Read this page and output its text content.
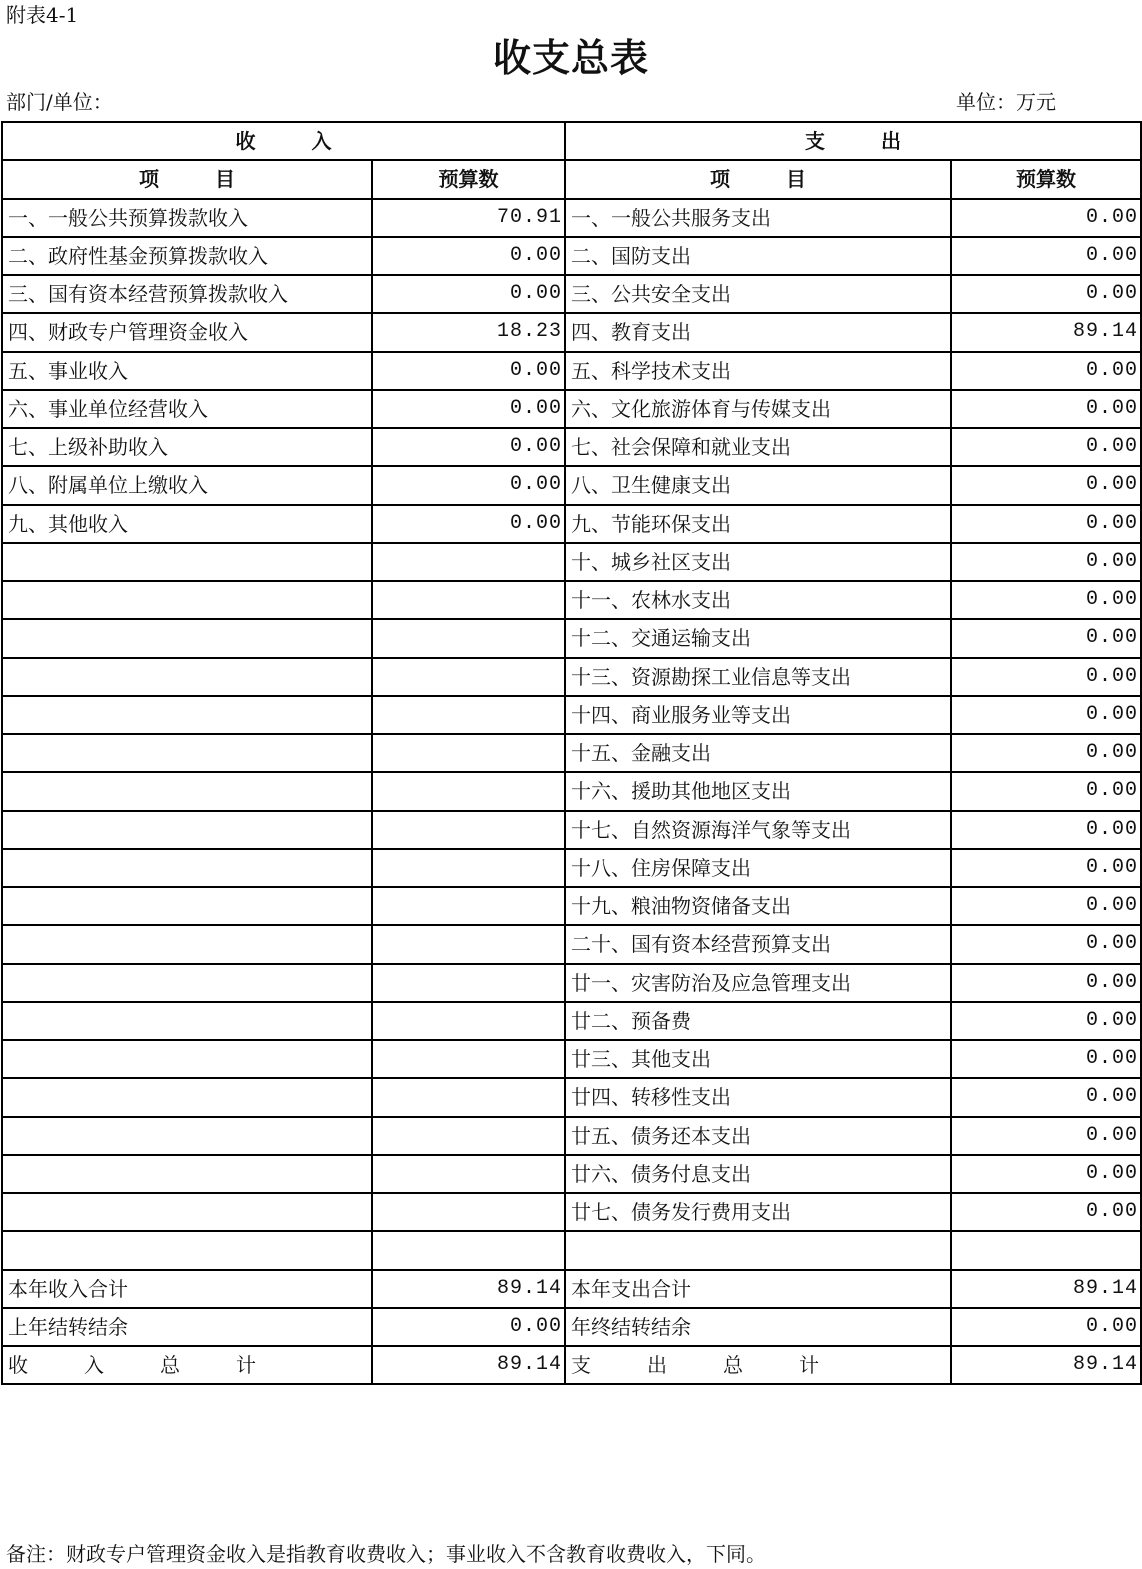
附表4-1
收支总表
部门/单位：	单位：万元
收 入		支 出	
项 目	预算数	项 目	预算数
一、一般公共预算拨款收入	70.91	一、一般公共服务支出	0.00
二、政府性基金预算拨款收入	0.00	二、国防支出	0.00
三、国有资本经营预算拨款收入	0.00	三、公共安全支出	0.00
四、财政专户管理资金收入	18.23	四、教育支出	89.14
五、事业收入	0.00	五、科学技术支出	0.00
六、事业单位经营收入	0.00	六、文化旅游体育与传媒支出	0.00
七、上级补助收入	0.00	七、社会保障和就业支出	0.00
八、附属单位上缴收入	0.00	八、卫生健康支出	0.00
九、其他收入	0.00	九、节能环保支出	0.00
		十、城乡社区支出	0.00
		十一、农林水支出	0.00
		十二、交通运输支出	0.00
		十三、资源勘探工业信息等支出	0.00
		十四、商业服务业等支出	0.00
		十五、金融支出	0.00
		十六、援助其他地区支出	0.00
		十七、自然资源海洋气象等支出	0.00
		十八、住房保障支出	0.00
		十九、粮油物资储备支出	0.00
		二十、国有资本经营预算支出	0.00
		廿一、灾害防治及应急管理支出	0.00
		廿二、预备费	0.00
		廿三、其他支出	0.00
		廿四、转移性支出	0.00
		廿五、债务还本支出	0.00
		廿六、债务付息支出	0.00
		廿七、债务发行费用支出	0.00

本年收入合计	89.14	本年支出合计	89.14
上年结转结余	0.00	年终结转结余	0.00
收 入 总 计	89.14	支 出 总 计	89.14
备注：财政专户管理资金收入是指教育收费收入；事业收入不含教育收费收入，下同。
